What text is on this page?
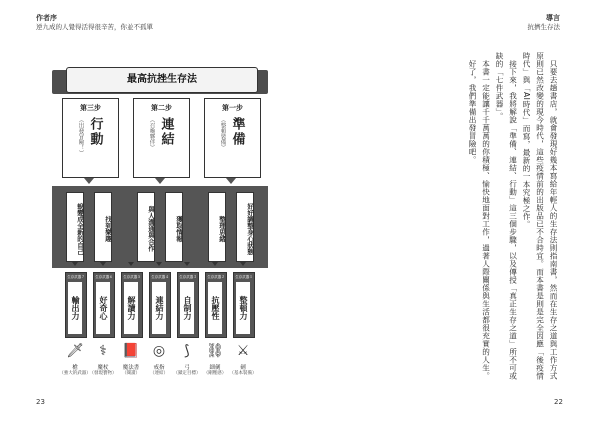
作者序
逆九成的人覺得活得很辛苦，你並不孤單
導言
抗擠生存法
最高抗挫生存法
第三步
（出發冒險！） 行動
第二步
（召喚夥伴） 連結
第一步
（整頓裝備） 準備
蛻變成全新的自己	找到樂趣	與人溝通與合作	獲取情報	整理思緒	好好調整身心狀態
生存武器７
輸出力
生存武器６
好奇心
生存武器５
解讀力
生存武器４
連結力
生存武器３
自制力
生存武器２
抗壓性
生存武器１
整頓力
🗡	⚕	📕 ◎	⟆	⛓ ⚔
槍	魔杖	魔法書	戒指	弓	細劍	劍
（強大的武器）
（發現寶物）	（閱讀）	（連結）	（鎖定目標） （剛壓感） （基本裝備）	　只要去趟書店，就會發現好幾本寫給年輕人的生存法則指南書，然而在生存之道與工作方式原則已然改變的現今時代，這些疫情前的出版品已不合時宜。而本書是則是完全因應「後疫情時代」與「AI時代」而寫，最新的一本究極之作。

　接下來，我將解說「準備、連結、行動」這三個步驟，以及傳授「真正生存之道」所不可或缺的「七件武器」。

　本書一定能讓千千萬萬的你積極、愉快地面對工作，過著人際關係與生活都很充實的人生。

　好了，我們準備出發冒險吧。

23	22
